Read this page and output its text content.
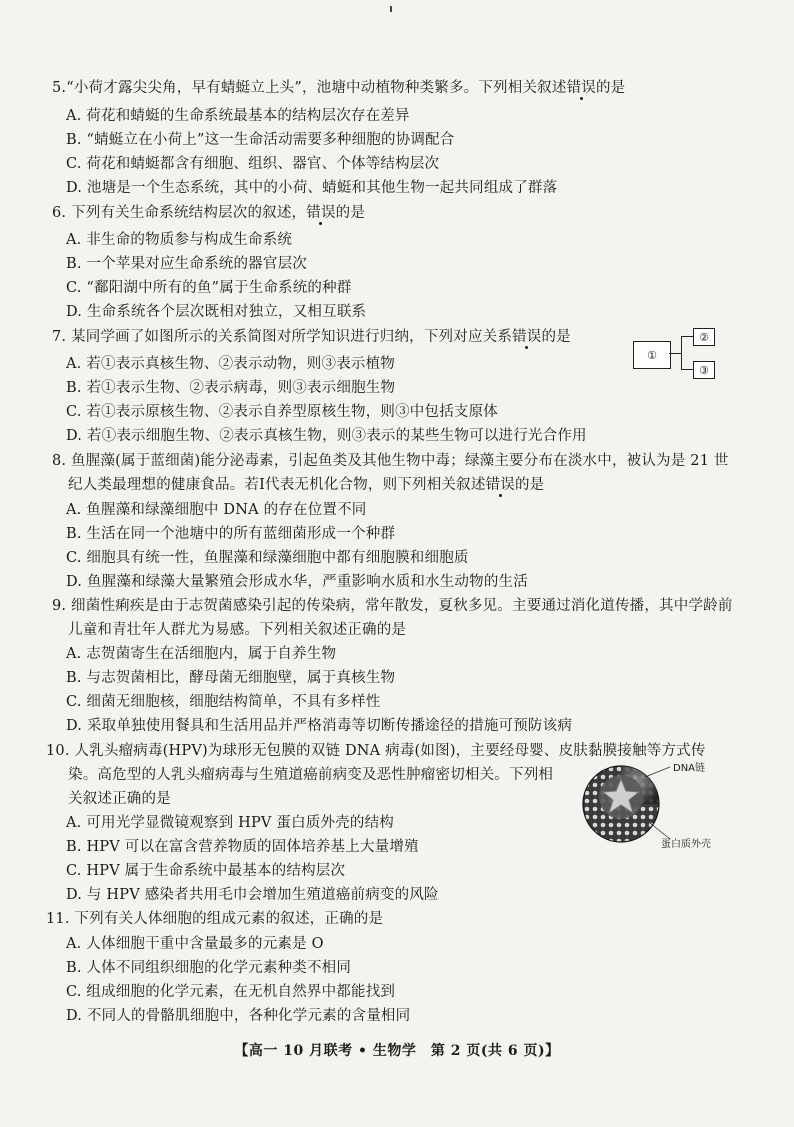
5.“小荷才露尖尖角，早有蜻蜓立上头”，池塘中动植物种类繁多。下列相关叙述错误的是
A. 荷花和蜻蜓的生命系统最基本的结构层次存在差异
B. “蜻蜓立在小荷上”这一生命活动需要多种细胞的协调配合
C. 荷花和蜻蜓都含有细胞、组织、器官、个体等结构层次
D. 池塘是一个生态系统，其中的小荷、蜻蜓和其他生物一起共同组成了群落
6. 下列有关生命系统结构层次的叙述，错误的是
A. 非生命的物质参与构成生命系统
B. 一个苹果对应生命系统的器官层次
C. “鄱阳湖中所有的鱼”属于生命系统的种群
D. 生命系统各个层次既相对独立，又相互联系
7. 某同学画了如图所示的关系简图对所学知识进行归纳，下列对应关系错误的是
A. 若①表示真核生物、②表示动物，则③表示植物
B. 若①表示生物、②表示病毒，则③表示细胞生物
C. 若①表示原核生物、②表示自养型原核生物，则③中包括支原体
D. 若①表示细胞生物、②表示真核生物，则③表示的某些生物可以进行光合作用
①
②
③
8. 鱼腥藻(属于蓝细菌)能分泌毒素，引起鱼类及其他生物中毒；绿藻主要分布在淡水中，被认为是 21 世
纪人类最理想的健康食品。若Ⅰ代表无机化合物，则下列相关叙述错误的是
A. 鱼腥藻和绿藻细胞中 DNA 的存在位置不同
B. 生活在同一个池塘中的所有蓝细菌形成一个种群
C. 细胞具有统一性，鱼腥藻和绿藻细胞中都有细胞膜和细胞质
D. 鱼腥藻和绿藻大量繁殖会形成水华，严重影响水质和水生动物的生活
9. 细菌性痢疾是由于志贺菌感染引起的传染病，常年散发，夏秋多见。主要通过消化道传播，其中学龄前
儿童和青壮年人群尤为易感。下列相关叙述正确的是
A. 志贺菌寄生在活细胞内，属于自养生物
B. 与志贺菌相比，酵母菌无细胞壁，属于真核生物
C. 细菌无细胞核，细胞结构简单，不具有多样性
D. 采取单独使用餐具和生活用品并严格消毒等切断传播途径的措施可预防该病
10. 人乳头瘤病毒(HPV)为球形无包膜的双链 DNA 病毒(如图)，主要经母婴、皮肤黏膜接触等方式传
染。高危型的人乳头瘤病毒与生殖道癌前病变及恶性肿瘤密切相关。下列相
关叙述正确的是
A. 可用光学显微镜观察到 HPV 蛋白质外壳的结构
B. HPV 可以在富含营养物质的固体培养基上大量增殖
C. HPV 属于生命系统中最基本的结构层次
D. 与 HPV 感染者共用毛巾会增加生殖道癌前病变的风险
DNA链
蛋白质外壳
11. 下列有关人体细胞的组成元素的叙述，正确的是
A. 人体细胞干重中含量最多的元素是 O
B. 人体不同组织细胞的化学元素种类不相同
C. 组成细胞的化学元素，在无机自然界中都能找到
D. 不同人的骨骼肌细胞中，各种化学元素的含量相同
【高一 10 月联考 • 生物学　第 2 页(共 6 页)】
